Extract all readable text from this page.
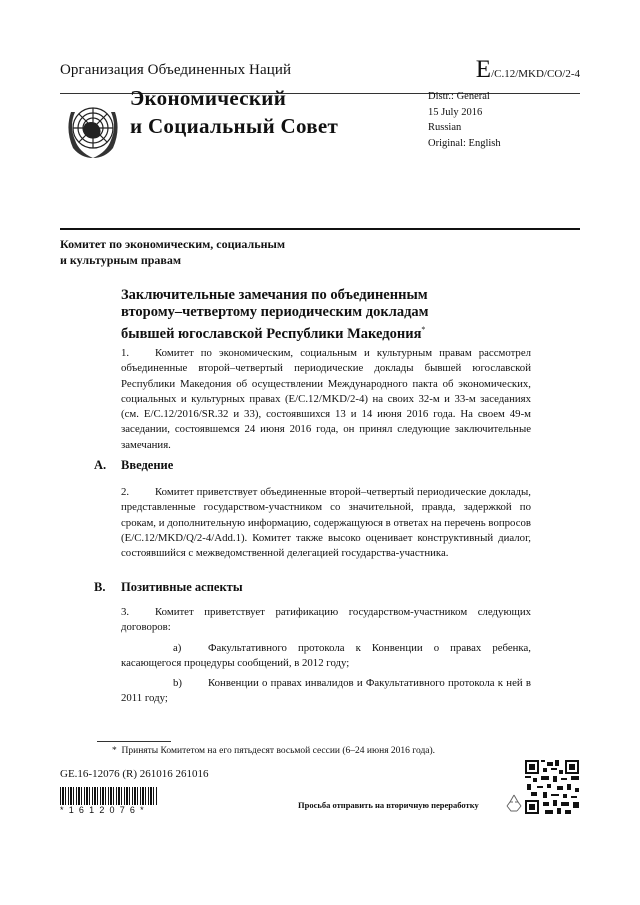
Организация Объединенных Наций	E/C.12/MKD/CO/2-4
Экономический
и Социальный Совет
Distr.: General
15 July 2016
Russian
Original: English
Комитет по экономическим, социальным
и культурным правам
Заключительные замечания по объединенным
второму–четвертому периодическим докладам
бывшей югославской Республики Македония*
1. Комитет по экономическим, социальным и культурным правам рассмотрел объединенные второй–четвертый периодические доклады бывшей югославской Республики Македония об осуществлении Международного пакта об экономических, социальных и культурных правах (E/C.12/MKD/2-4) на своих 32-м и 33-м заседаниях (см. E/C.12/2016/SR.32 и 33), состоявшихся 13 и 14 июня 2016 года. На своем 49-м заседании, состоявшемся 24 июня 2016 года, он принял следующие заключительные замечания.
A. Введение
2. Комитет приветствует объединенные второй–четвертый периодические доклады, представленные государством-участником со значительной, правда, задержкой по срокам, и дополнительную информацию, содержащуюся в ответах на перечень вопросов (E/C.12/MKD/Q/2-4/Add.1). Комитет также высоко оценивает конструктивный диалог, состоявшийся с межведомственной делегацией государства-участника.
B. Позитивные аспекты
3. Комитет приветствует ратификацию государством-участником следующих договоров:
a) Факультативного протокола к Конвенции о правах ребенка, касающегося процедуры сообщений, в 2012 году;
b) Конвенции о правах инвалидов и Факультативного протокола к ней в 2011 году;
* Приняты Комитетом на его пятьдесят восьмой сессии (6–24 июня 2016 года).
GE.16-12076 (R) 261016 261016
*1612076*	Просьба отправить на вторичную переработку
